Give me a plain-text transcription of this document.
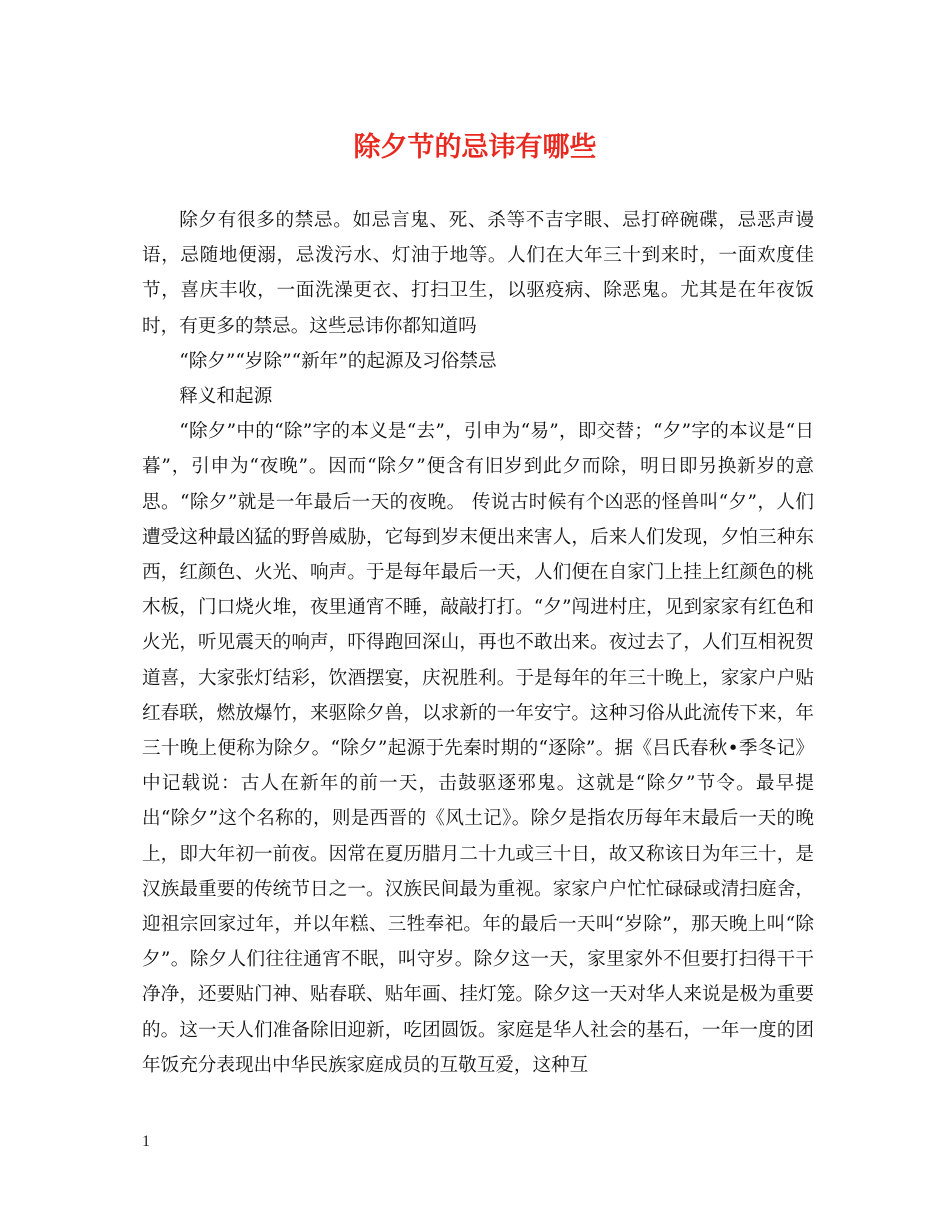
除夕节的忌讳有哪些

除夕有很多的禁忌。如忌言鬼、死、杀等不吉字眼、忌打碎碗碟，忌恶声谩语，忌随地便溺，忌泼污水、灯油于地等。人们在大年三十到来时，一面欢度佳节，喜庆丰收，一面洗澡更衣、打扫卫生，以驱疫病、除恶鬼。尤其是在年夜饭时，有更多的禁忌。这些忌讳你都知道吗

“除夕”“岁除”“新年”的起源及习俗禁忌

释义和起源

“除夕”中的“除”字的本义是“去”，引申为“易”，即交替；“夕”字的本议是“日暮”，引申为“夜晚”。因而“除夕”便含有旧岁到此夕而除，明日即另换新岁的意思。“除夕”就是一年最后一天的夜晚。 传说古时候有个凶恶的怪兽叫“夕”，人们遭受这种最凶猛的野兽威胁，它每到岁末便出来害人，后来人们发现，夕怕三种东西，红颜色、火光、响声。于是每年最后一天，人们便在自家门上挂上红颜色的桃木板，门口烧火堆，夜里通宵不睡，敲敲打打。“夕”闯进村庄，见到家家有红色和火光，听见震天的响声，吓得跑回深山，再也不敢出来。夜过去了，人们互相祝贺道喜，大家张灯结彩，饮酒摆宴，庆祝胜利。于是每年的年三十晚上，家家户户贴红春联，燃放爆竹，来驱除夕兽，以求新的一年安宁。这种习俗从此流传下来，年三十晚上便称为除夕。“除夕”起源于先秦时期的“逐除”。据《吕氏春秋•季冬记》中记载说：古人在新年的前一天，击鼓驱逐邪鬼。这就是“除夕”节令。最早提出“除夕”这个名称的，则是西晋的《风土记》。除夕是指农历每年末最后一天的晚上，即大年初一前夜。因常在夏历腊月二十九或三十日，故又称该日为年三十，是汉族最重要的传统节日之一。汉族民间最为重视。家家户户忙忙碌碌或清扫庭舍，迎祖宗回家过年，并以年糕、三牲奉祀。年的最后一天叫“岁除”，那天晚上叫“除夕”。除夕人们往往通宵不眠，叫守岁。除夕这一天，家里家外不但要打扫得干干净净，还要贴门神、贴春联、贴年画、挂灯笼。除夕这一天对华人来说是极为重要的。这一天人们准备除旧迎新，吃团圆饭。家庭是华人社会的基石，一年一度的团年饭充分表现出中华民族家庭成员的互敬互爱，这种互

1
